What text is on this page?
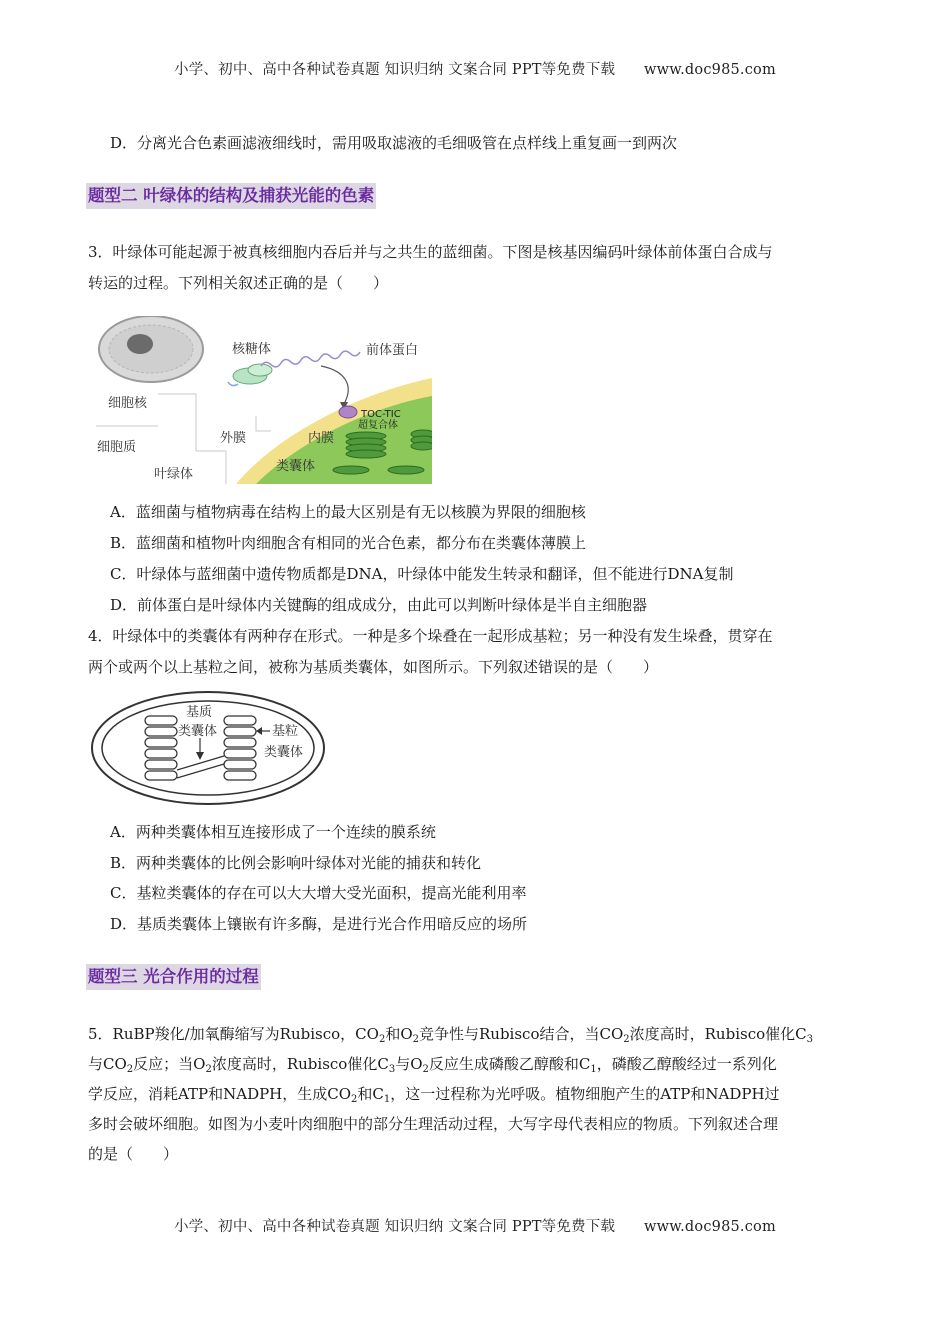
小学、初中、高中各种试卷真题 知识归纳 文案合同 PPT等免费下载 www.doc985.com
D．分离光合色素画滤液细线时，需用吸取滤液的毛细吸管在点样线上重复画一到两次
题型二 叶绿体的结构及捕获光能的色素
3．叶绿体可能起源于被真核细胞内吞后并与之共生的蓝细菌。下图是核基因编码叶绿体前体蛋白合成与
转运的过程。下列相关叙述正确的是（　　）
核糖体	前体蛋白
细胞核
细胞质
叶绿体
外膜	内膜
类囊体
TOC-TIC
超复合体
A．蓝细菌与植物病毒在结构上的最大区别是有无以核膜为界限的细胞核
B．蓝细菌和植物叶肉细胞含有相同的光合色素，都分布在类囊体薄膜上
C．叶绿体与蓝细菌中遗传物质都是DNA，叶绿体中能发生转录和翻译，但不能进行DNA复制
D．前体蛋白是叶绿体内关键酶的组成成分，由此可以判断叶绿体是半自主细胞器
4．叶绿体中的类囊体有两种存在形式。一种是多个垛叠在一起形成基粒；另一种没有发生垛叠，贯穿在
两个或两个以上基粒之间，被称为基质类囊体，如图所示。下列叙述错误的是（　　）
基质
类囊体	基粒
类囊体
A．两种类囊体相互连接形成了一个连续的膜系统
B．两种类囊体的比例会影响叶绿体对光能的捕获和转化
C．基粒类囊体的存在可以大大增大受光面积，提高光能利用率
D．基质类囊体上镶嵌有许多酶，是进行光合作用暗反应的场所
题型三 光合作用的过程
5．RuBP羧化/加氧酶缩写为Rubisco，$CO_2$和$O_2$竞争性与Rubisco结合，当$CO_2$浓度高时，Rubisco催化$C_3$
与$CO_2$反应；当$O_2$浓度高时，Rubisco催化$C_3$与$O_2$反应生成磷酸乙醇酸和$C_1$，磷酸乙醇酸经过一系列化
学反应，消耗ATP和NADPH，生成$CO_2$和$C_1$，这一过程称为光呼吸。植物细胞产生的ATP和NADPH过
多时会破坏细胞。如图为小麦叶肉细胞中的部分生理活动过程，大写字母代表相应的物质。下列叙述合理
的是（　　）
小学、初中、高中各种试卷真题 知识归纳 文案合同 PPT等免费下载 www.doc985.com
